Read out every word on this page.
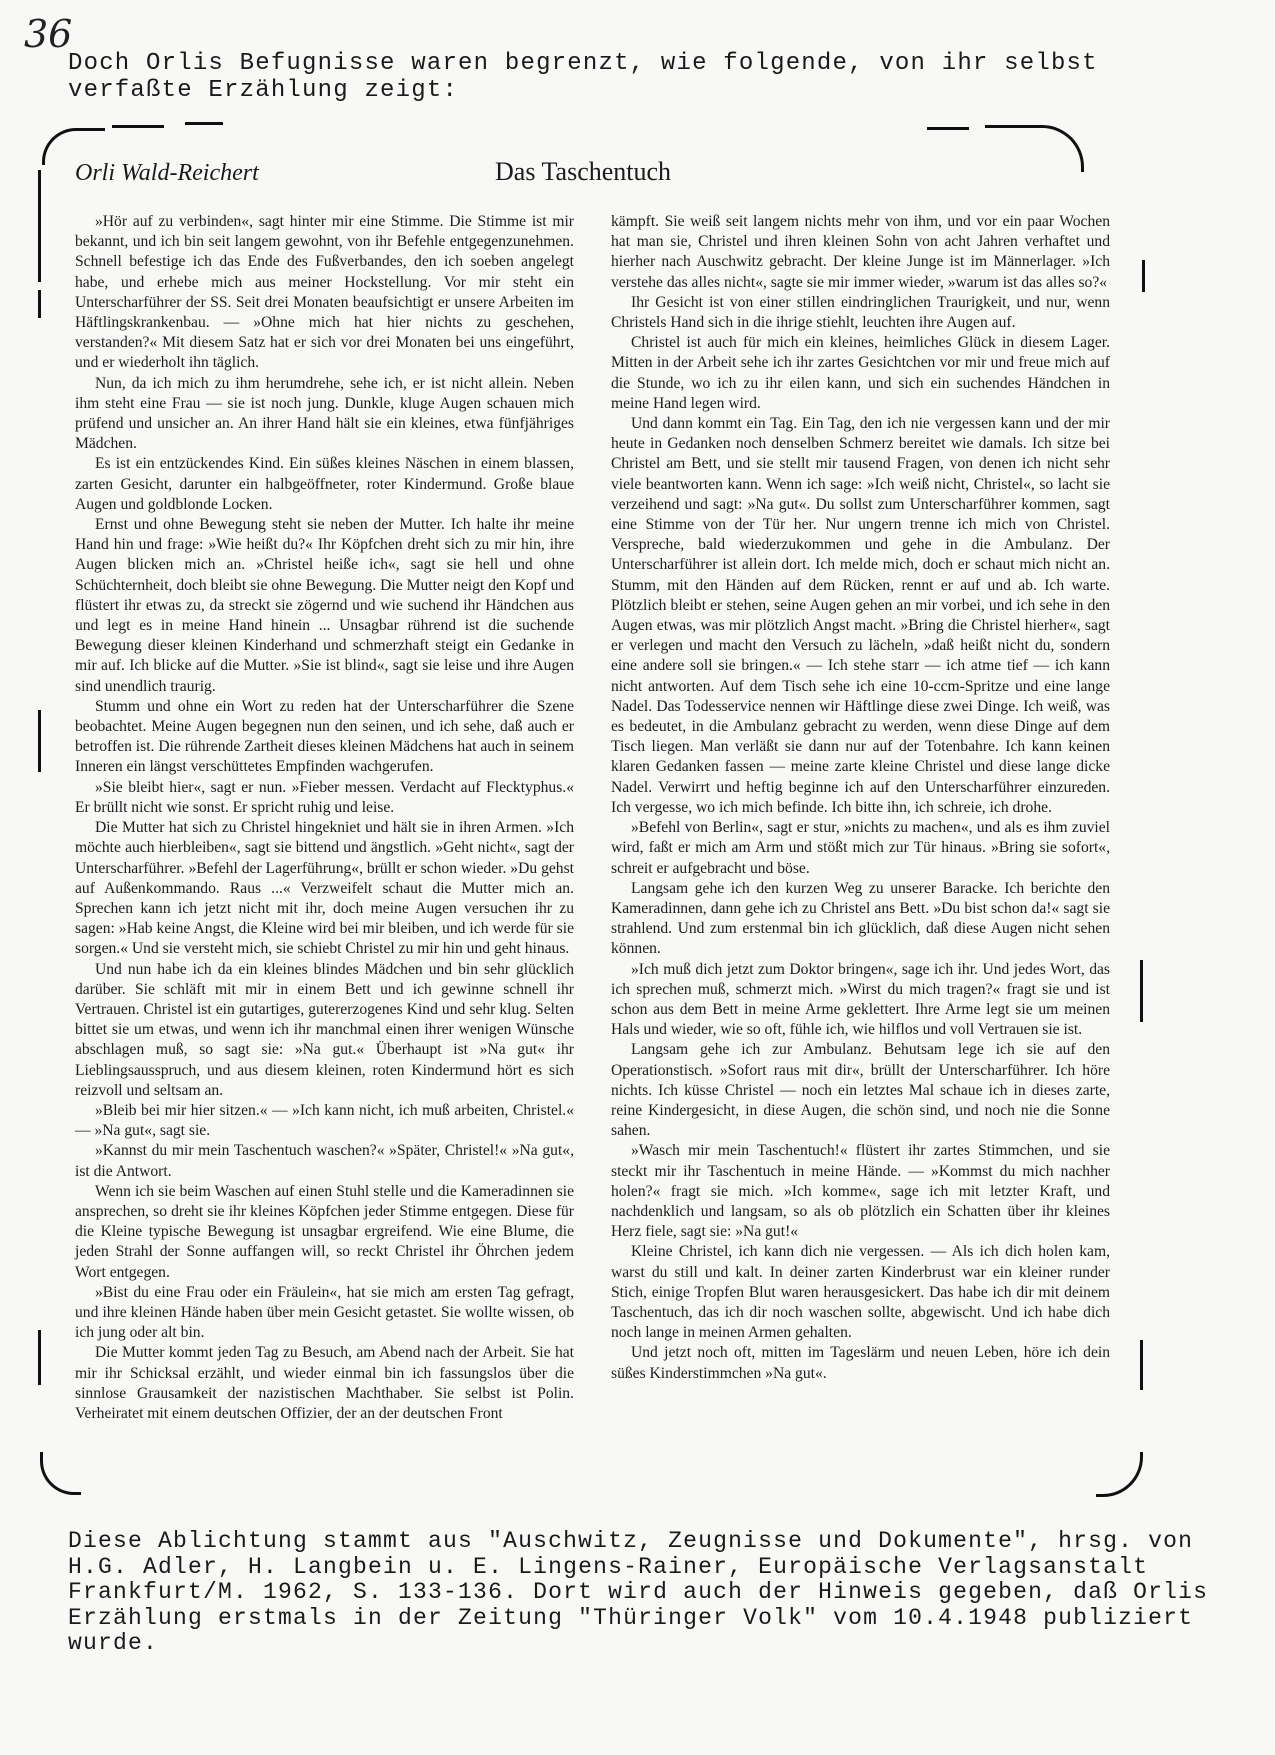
36
Doch Orlis Befugnisse waren begrenzt, wie folgende, von ihr selbst verfaßte Erzählung zeigt:
Orli Wald-Reichert	Das Taschentuch

»Hör auf zu verbinden«, sagt hinter mir eine Stimme. Die Stimme ist mir bekannt, und ich bin seit langem gewohnt, von ihr Befehle entgegenzunehmen. Schnell befestige ich das Ende des Fußverbandes, den ich soeben angelegt habe, und erhebe mich aus meiner Hockstellung. Vor mir steht ein Unterscharführer der SS. Seit drei Monaten beaufsichtigt er unsere Arbeiten im Häftlingskrankenbau. — »Ohne mich hat hier nichts zu geschehen, verstanden?« Mit diesem Satz hat er sich vor drei Monaten bei uns eingeführt, und er wiederholt ihn täglich.

Nun, da ich mich zu ihm herumdrehe, sehe ich, er ist nicht allein. Neben ihm steht eine Frau — sie ist noch jung. Dunkle, kluge Augen schauen mich prüfend und unsicher an. An ihrer Hand hält sie ein kleines, etwa fünfjähriges Mädchen.

Es ist ein entzückendes Kind. Ein süßes kleines Näschen in einem blassen, zarten Gesicht, darunter ein halbgeöffneter, roter Kindermund. Große blaue Augen und goldblonde Locken.

Ernst und ohne Bewegung steht sie neben der Mutter. Ich halte ihr meine Hand hin und frage: »Wie heißt du?« Ihr Köpfchen dreht sich zu mir hin, ihre Augen blicken mich an. »Christel heiße ich«, sagt sie hell und ohne Schüchternheit, doch bleibt sie ohne Bewegung. Die Mutter neigt den Kopf und flüstert ihr etwas zu, da streckt sie zögernd und wie suchend ihr Händchen aus und legt es in meine Hand hinein ... Unsagbar rührend ist die suchende Bewegung dieser kleinen Kinderhand und schmerzhaft steigt ein Gedanke in mir auf. Ich blicke auf die Mutter. »Sie ist blind«, sagt sie leise und ihre Augen sind unendlich traurig.

Stumm und ohne ein Wort zu reden hat der Unterscharführer die Szene beobachtet. Meine Augen begegnen nun den seinen, und ich sehe, daß auch er betroffen ist. Die rührende Zartheit dieses kleinen Mädchens hat auch in seinem Inneren ein längst verschüttetes Empfinden wachgerufen.

»Sie bleibt hier«, sagt er nun. »Fieber messen. Verdacht auf Flecktyphus.« Er brüllt nicht wie sonst. Er spricht ruhig und leise.

Die Mutter hat sich zu Christel hingekniet und hält sie in ihren Armen. »Ich möchte auch hierbleiben«, sagt sie bittend und ängstlich. »Geht nicht«, sagt der Unterscharführer. »Befehl der Lagerführung«, brüllt er schon wieder. »Du gehst auf Außenkommando. Raus ...« Verzweifelt schaut die Mutter mich an. Sprechen kann ich jetzt nicht mit ihr, doch meine Augen versuchen ihr zu sagen: »Hab keine Angst, die Kleine wird bei mir bleiben, und ich werde für sie sorgen.« Und sie versteht mich, sie schiebt Christel zu mir hin und geht hinaus.

Und nun habe ich da ein kleines blindes Mädchen und bin sehr glücklich darüber. Sie schläft mit mir in einem Bett und ich gewinne schnell ihr Vertrauen. Christel ist ein gutartiges, gutererzogenes Kind und sehr klug. Selten bittet sie um etwas, und wenn ich ihr manchmal einen ihrer wenigen Wünsche abschlagen muß, so sagt sie: »Na gut.« Überhaupt ist »Na gut« ihr Lieblingsausspruch, und aus diesem kleinen, roten Kindermund hört es sich reizvoll und seltsam an.

»Bleib bei mir hier sitzen.« — »Ich kann nicht, ich muß arbeiten, Christel.« — »Na gut«, sagt sie.

»Kannst du mir mein Taschentuch waschen?« »Später, Christel!« »Na gut«, ist die Antwort.

Wenn ich sie beim Waschen auf einen Stuhl stelle und die Kameradinnen sie ansprechen, so dreht sie ihr kleines Köpfchen jeder Stimme entgegen. Diese für die Kleine typische Bewegung ist unsagbar ergreifend. Wie eine Blume, die jeden Strahl der Sonne auffangen will, so reckt Christel ihr Öhrchen jedem Wort entgegen.

»Bist du eine Frau oder ein Fräulein«, hat sie mich am ersten Tag gefragt, und ihre kleinen Hände haben über mein Gesicht getastet. Sie wollte wissen, ob ich jung oder alt bin.

Die Mutter kommt jeden Tag zu Besuch, am Abend nach der Arbeit. Sie hat mir ihr Schicksal erzählt, und wieder einmal bin ich fassungslos über die sinnlose Grausamkeit der nazistischen Machthaber. Sie selbst ist Polin. Verheiratet mit einem deutschen Offizier, der an der deutschen Front

kämpft. Sie weiß seit langem nichts mehr von ihm, und vor ein paar Wochen hat man sie, Christel und ihren kleinen Sohn von acht Jahren verhaftet und hierher nach Auschwitz gebracht. Der kleine Junge ist im Männerlager. »Ich verstehe das alles nicht«, sagte sie mir immer wieder, »warum ist das alles so?«

Ihr Gesicht ist von einer stillen eindringlichen Traurigkeit, und nur, wenn Christels Hand sich in die ihrige stiehlt, leuchten ihre Augen auf.

Christel ist auch für mich ein kleines, heimliches Glück in diesem Lager. Mitten in der Arbeit sehe ich ihr zartes Gesichtchen vor mir und freue mich auf die Stunde, wo ich zu ihr eilen kann, und sich ein suchendes Händchen in meine Hand legen wird.

Und dann kommt ein Tag. Ein Tag, den ich nie vergessen kann und der mir heute in Gedanken noch denselben Schmerz bereitet wie damals. Ich sitze bei Christel am Bett, und sie stellt mir tausend Fragen, von denen ich nicht sehr viele beantworten kann. Wenn ich sage: »Ich weiß nicht, Christel«, so lacht sie verzeihend und sagt: »Na gut«. Du sollst zum Unterscharführer kommen, sagt eine Stimme von der Tür her. Nur ungern trenne ich mich von Christel. Verspreche, bald wiederzukommen und gehe in die Ambulanz. Der Unterscharführer ist allein dort. Ich melde mich, doch er schaut mich nicht an. Stumm, mit den Händen auf dem Rücken, rennt er auf und ab. Ich warte. Plötzlich bleibt er stehen, seine Augen gehen an mir vorbei, und ich sehe in den Augen etwas, was mir plötzlich Angst macht. »Bring die Christel hierher«, sagt er verlegen und macht den Versuch zu lächeln, »daß heißt nicht du, sondern eine andere soll sie bringen.« — Ich stehe starr — ich atme tief — ich kann nicht antworten. Auf dem Tisch sehe ich eine 10-ccm-Spritze und eine lange Nadel. Das Todesservice nennen wir Häftlinge diese zwei Dinge. Ich weiß, was es bedeutet, in die Ambulanz gebracht zu werden, wenn diese Dinge auf dem Tisch liegen. Man verläßt sie dann nur auf der Totenbahre. Ich kann keinen klaren Gedanken fassen — meine zarte kleine Christel und diese lange dicke Nadel. Verwirrt und heftig beginne ich auf den Unterscharführer einzureden. Ich vergesse, wo ich mich befinde. Ich bitte ihn, ich schreie, ich drohe.

»Befehl von Berlin«, sagt er stur, »nichts zu machen«, und als es ihm zuviel wird, faßt er mich am Arm und stößt mich zur Tür hinaus. »Bring sie sofort«, schreit er aufgebracht und böse.

Langsam gehe ich den kurzen Weg zu unserer Baracke. Ich berichte den Kameradinnen, dann gehe ich zu Christel ans Bett. »Du bist schon da!« sagt sie strahlend. Und zum erstenmal bin ich glücklich, daß diese Augen nicht sehen können.

»Ich muß dich jetzt zum Doktor bringen«, sage ich ihr. Und jedes Wort, das ich sprechen muß, schmerzt mich. »Wirst du mich tragen?« fragt sie und ist schon aus dem Bett in meine Arme geklettert. Ihre Arme legt sie um meinen Hals und wieder, wie so oft, fühle ich, wie hilflos und voll Vertrauen sie ist.

Langsam gehe ich zur Ambulanz. Behutsam lege ich sie auf den Operationstisch. »Sofort raus mit dir«, brüllt der Unterscharführer. Ich höre nichts. Ich küsse Christel — noch ein letztes Mal schaue ich in dieses zarte, reine Kindergesicht, in diese Augen, die schön sind, und noch nie die Sonne sahen.

»Wasch mir mein Taschentuch!« flüstert ihr zartes Stimmchen, und sie steckt mir ihr Taschentuch in meine Hände. — »Kommst du mich nachher holen?« fragt sie mich. »Ich komme«, sage ich mit letzter Kraft, und nachdenklich und langsam, so als ob plötzlich ein Schatten über ihr kleines Herz fiele, sagt sie: »Na gut!«

Kleine Christel, ich kann dich nie vergessen. — Als ich dich holen kam, warst du still und kalt. In deiner zarten Kinderbrust war ein kleiner runder Stich, einige Tropfen Blut waren herausgesickert. Das habe ich dir mit deinem Taschentuch, das ich dir noch waschen sollte, abgewischt. Und ich habe dich noch lange in meinen Armen gehalten.

Und jetzt noch oft, mitten im Tageslärm und neuen Leben, höre ich dein süßes Kinderstimmchen »Na gut«.

Diese Ablichtung stammt aus "Auschwitz, Zeugnisse und Dokumente", hrsg. von H.G. Adler, H. Langbein u. E. Lingens-Rainer, Europäische Verlagsanstalt Frankfurt/M. 1962, S. 133-136. Dort wird auch der Hinweis gegeben, daß Orlis Erzählung erstmals in der Zeitung "Thüringer Volk" vom 10.4.1948 publiziert wurde.
